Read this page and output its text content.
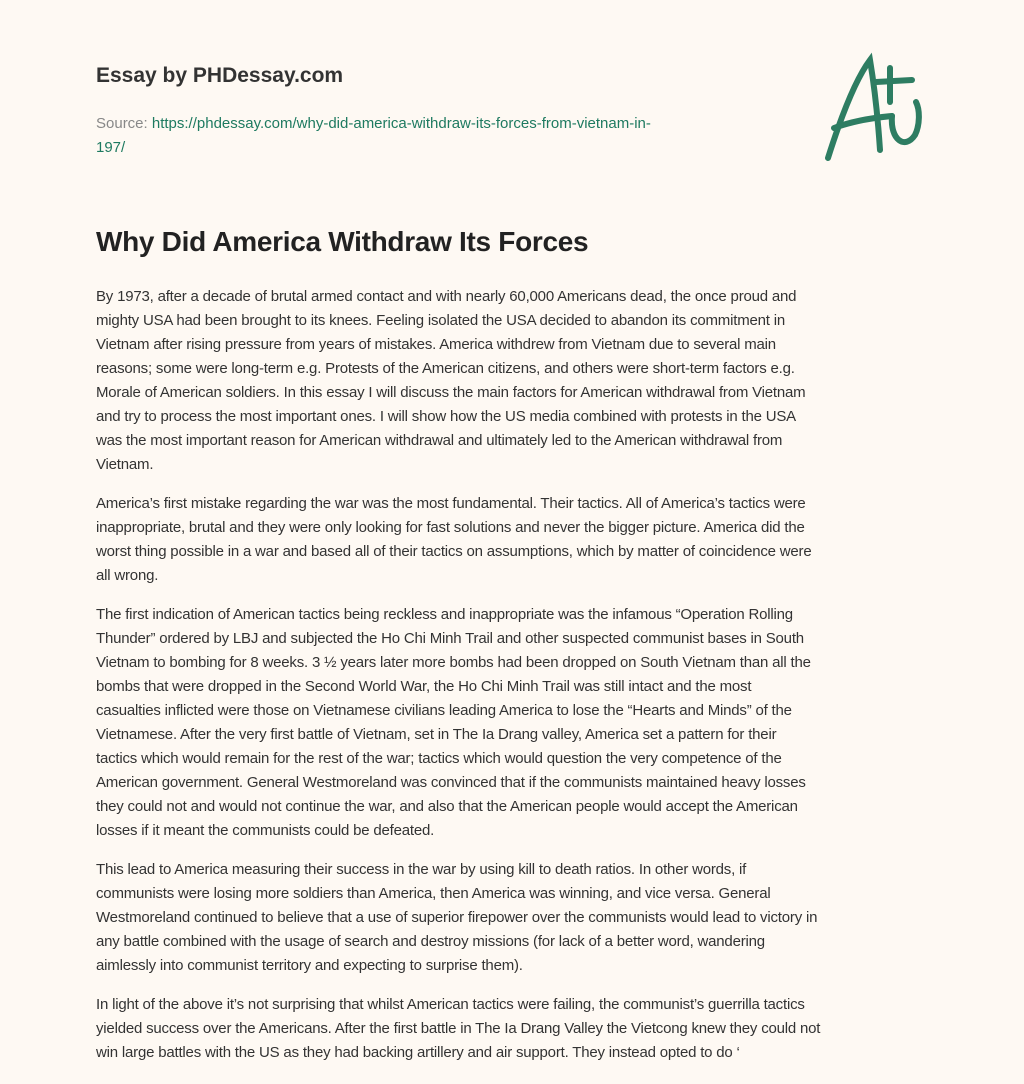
Essay by PHDessay.com
Source: https://phdessay.com/why-did-america-withdraw-its-forces-from-vietnam-in-
197/
Why Did America Withdraw Its Forces

By 1973, after a decade of brutal armed contact and with nearly 60,000 Americans dead, the once proud and
mighty USA had been brought to its knees. Feeling isolated the USA decided to abandon its commitment in
Vietnam after rising pressure from years of mistakes. America withdrew from Vietnam due to several main
reasons; some were long-term e.g. Protests of the American citizens, and others were short-term factors e.g.
Morale of American soldiers. In this essay I will discuss the main factors for American withdrawal from Vietnam
and try to process the most important ones. I will show how the US media combined with protests in the USA
was the most important reason for American withdrawal and ultimately led to the American withdrawal from
Vietnam.

America’s first mistake regarding the war was the most fundamental. Their tactics. All of America’s tactics were
inappropriate, brutal and they were only looking for fast solutions and never the bigger picture. America did the
worst thing possible in a war and based all of their tactics on assumptions, which by matter of coincidence were
all wrong.

The first indication of American tactics being reckless and inappropriate was the infamous “Operation Rolling
Thunder” ordered by LBJ and subjected the Ho Chi Minh Trail and other suspected communist bases in South
Vietnam to bombing for 8 weeks. 3 ½ years later more bombs had been dropped on South Vietnam than all the
bombs that were dropped in the Second World War, the Ho Chi Minh Trail was still intact and the most
casualties inflicted were those on Vietnamese civilians leading America to lose the “Hearts and Minds” of the
Vietnamese. After the very first battle of Vietnam, set in The Ia Drang valley, America set a pattern for their
tactics which would remain for the rest of the war; tactics which would question the very competence of the
American government. General Westmoreland was convinced that if the communists maintained heavy losses
they could not and would not continue the war, and also that the American people would accept the American
losses if it meant the communists could be defeated.

This lead to America measuring their success in the war by using kill to death ratios. In other words, if
communists were losing more soldiers than America, then America was winning, and vice versa. General
Westmoreland continued to believe that a use of superior firepower over the communists would lead to victory in
any battle combined with the usage of search and destroy missions (for lack of a better word, wandering
aimlessly into communist territory and expecting to surprise them).

In light of the above it’s not surprising that whilst American tactics were failing, the communist’s guerrilla tactics
yielded success over the Americans. After the first battle in The Ia Drang Valley the Vietcong knew they could not
win large battles with the US as they had backing artillery and air support. They instead opted to do ‘
